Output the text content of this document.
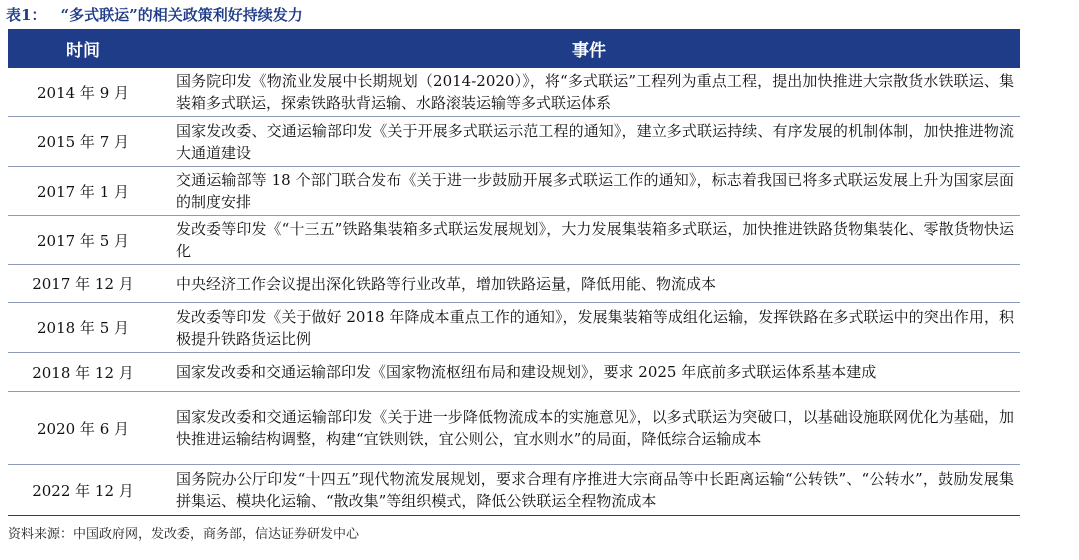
表1： “多式联运”的相关政策利好持续发力
时间	事件
2014 年 9 月	国务院印发《物流业发展中长期规划（2014-2020）》，将“多式联运”工程列为重点工程，提出加快推进大宗散货水铁联运、集装箱多式联运，探索铁路驮背运输、水路滚装运输等多式联运体系
2015 年 7 月	国家发改委、交通运输部印发《关于开展多式联运示范工程的通知》，建立多式联运持续、有序发展的机制体制，加快推进物流大通道建设
2017 年 1 月	交通运输部等 18 个部门联合发布《关于进一步鼓励开展多式联运工作的通知》，标志着我国已将多式联运发展上升为国家层面的制度安排
2017 年 5 月	发改委等印发《“十三五”铁路集装箱多式联运发展规划》，大力发展集装箱多式联运，加快推进铁路货物集装化、零散货物快运化
2017 年 12 月	中央经济工作会议提出深化铁路等行业改革，增加铁路运量，降低用能、物流成本
2018 年 5 月	发改委等印发《关于做好 2018 年降成本重点工作的通知》，发展集装箱等成组化运输，发挥铁路在多式联运中的突出作用，积极提升铁路货运比例
2018 年 12 月	国家发改委和交通运输部印发《国家物流枢纽布局和建设规划》，要求 2025 年底前多式联运体系基本建成
2020 年 6 月	国家发改委和交通运输部印发《关于进一步降低物流成本的实施意见》，以多式联运为突破口，以基础设施联网优化为基础，加快推进运输结构调整，构建“宜铁则铁，宜公则公，宜水则水”的局面，降低综合运输成本
2022 年 12 月	国务院办公厅印发“十四五”现代物流发展规划，要求合理有序推进大宗商品等中长距离运输“公转铁”、“公转水”，鼓励发展集拼集运、模块化运输、“散改集”等组织模式，降低公铁联运全程物流成本
资料来源：中国政府网，发改委，商务部，信达证券研发中心
